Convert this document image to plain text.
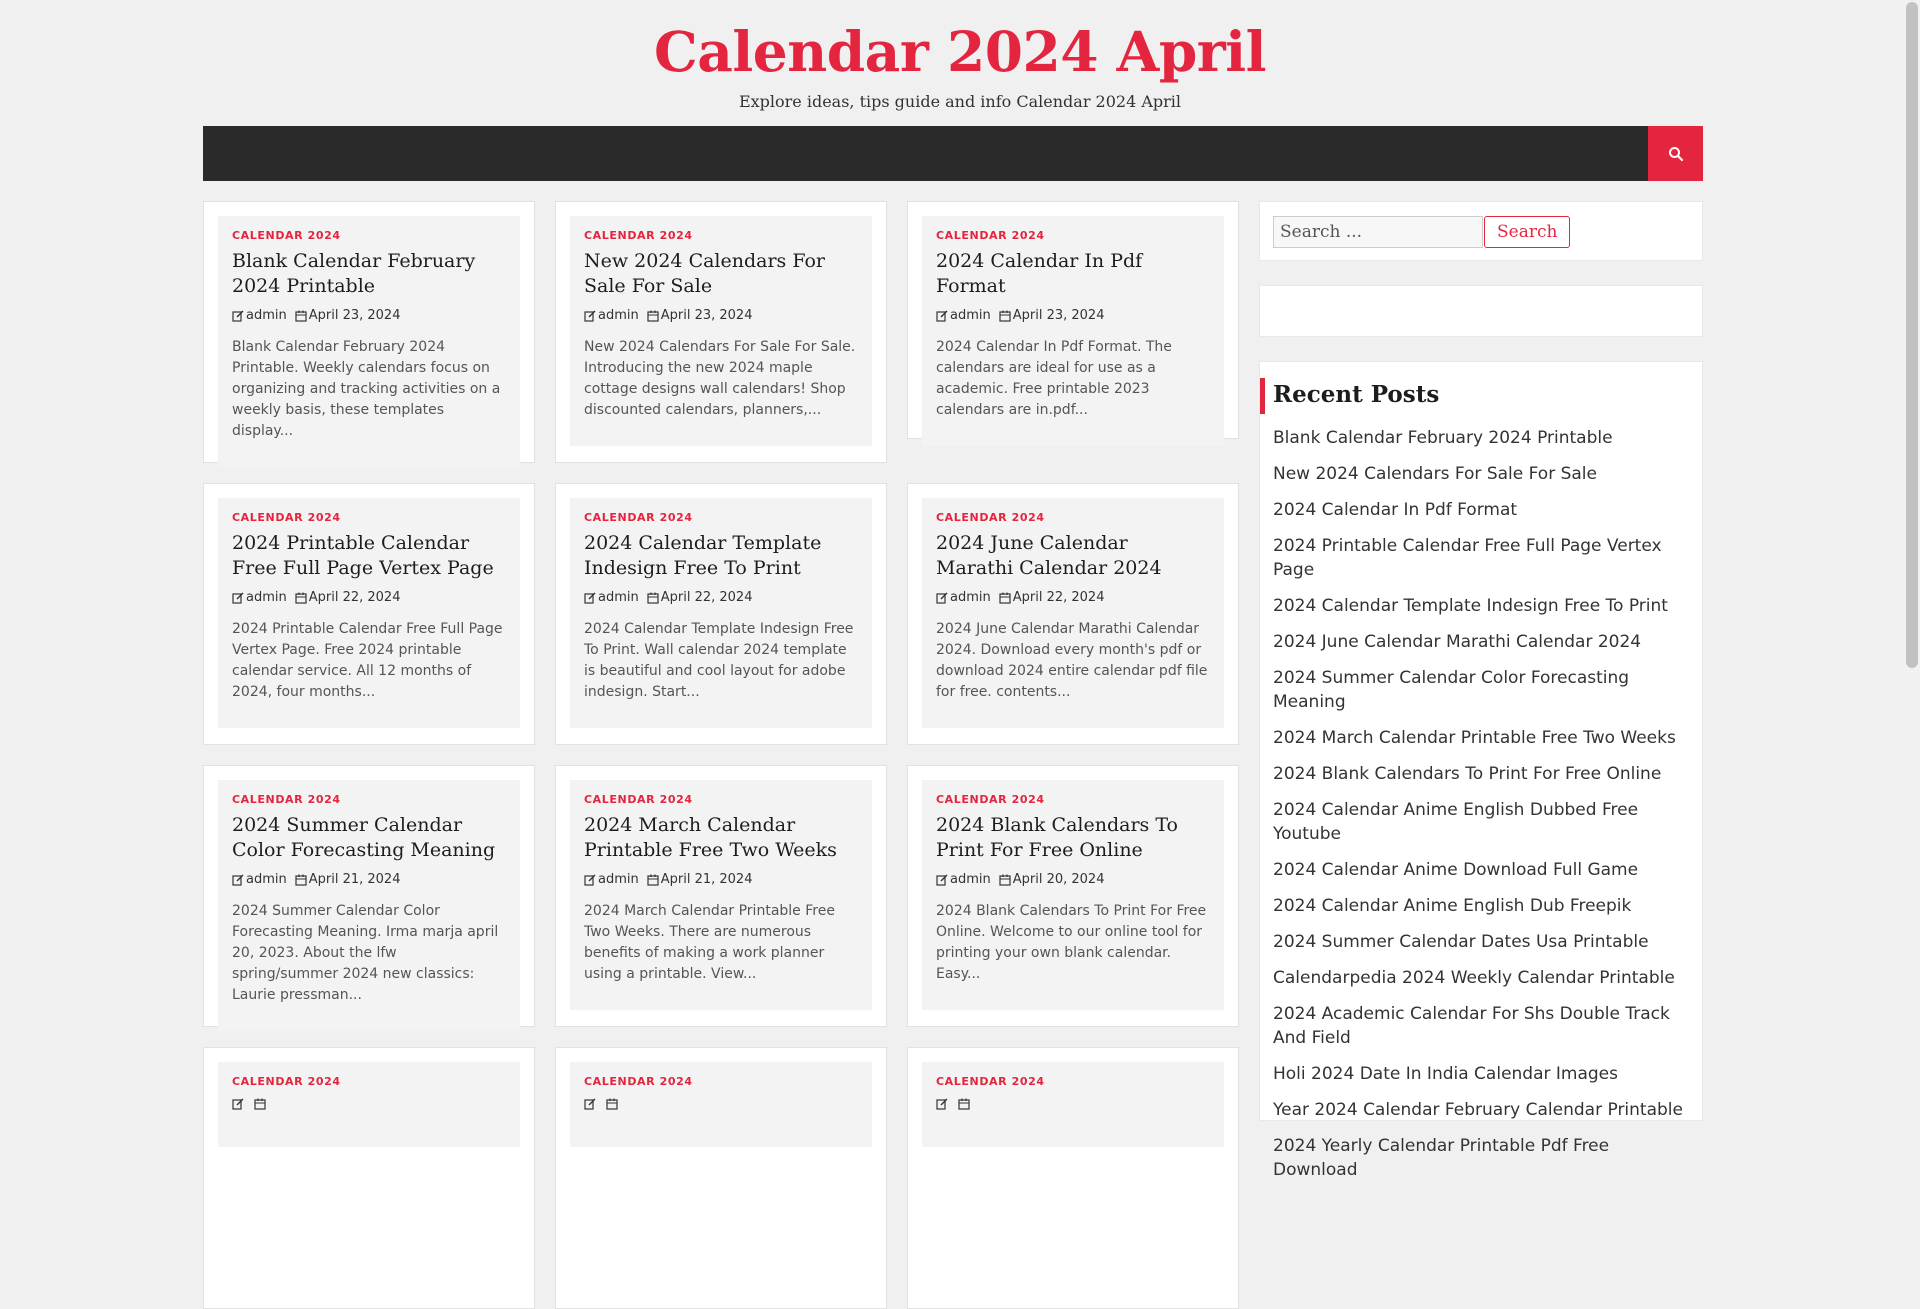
Calendar 2024 April

Explore ideas, tips guide and info Calendar 2024 April

CALENDAR 2024
Blank Calendar February 2024 Printable
admin April 23, 2024

Blank Calendar February 2024 Printable. Weekly calendars focus on organizing and tracking activities on a weekly basis, these templates display...

CALENDAR 2024
New 2024 Calendars For Sale For Sale
admin April 23, 2024

New 2024 Calendars For Sale For Sale. Introducing the new 2024 maple cottage designs wall calendars! Shop discounted calendars, planners,...

CALENDAR 2024
2024 Calendar In Pdf Format
admin April 23, 2024

2024 Calendar In Pdf Format. The calendars are ideal for use as a academic. Free printable 2023 calendars are in.pdf...

CALENDAR 2024
2024 Printable Calendar Free Full Page Vertex Page
admin April 22, 2024

2024 Printable Calendar Free Full Page Vertex Page. Free 2024 printable calendar service. All 12 months of 2024, four months...

CALENDAR 2024
2024 Calendar Template Indesign Free To Print
admin April 22, 2024

2024 Calendar Template Indesign Free To Print. Wall calendar 2024 template is beautiful and cool layout for adobe indesign. Start...

CALENDAR 2024
2024 June Calendar Marathi Calendar 2024
admin April 22, 2024

2024 June Calendar Marathi Calendar 2024. Download every month's pdf or download 2024 entire calendar pdf file for free. contents...

CALENDAR 2024
2024 Summer Calendar Color Forecasting Meaning
admin April 21, 2024

2024 Summer Calendar Color Forecasting Meaning. Irma marja april 20, 2023. About the lfw spring/summer 2024 new classics: Laurie pressman...

CALENDAR 2024
2024 March Calendar Printable Free Two Weeks
admin April 21, 2024

2024 March Calendar Printable Free Two Weeks. There are numerous benefits of making a work planner using a printable. View...

CALENDAR 2024
2024 Blank Calendars To Print For Free Online
admin April 20, 2024

2024 Blank Calendars To Print For Free Online. Welcome to our online tool for printing your own blank calendar. Easy...

CALENDAR 2024	CALENDAR 2024	CALENDAR 2024

Search ...
Search
Recent Posts
Blank Calendar February 2024 Printable
New 2024 Calendars For Sale For Sale
2024 Calendar In Pdf Format
2024 Printable Calendar Free Full Page Vertex Page
2024 Calendar Template Indesign Free To Print
2024 June Calendar Marathi Calendar 2024
2024 Summer Calendar Color Forecasting Meaning
2024 March Calendar Printable Free Two Weeks
2024 Blank Calendars To Print For Free Online
2024 Calendar Anime English Dubbed Free Youtube
2024 Calendar Anime Download Full Game
2024 Calendar Anime English Dub Freepik
2024 Summer Calendar Dates Usa Printable
Calendarpedia 2024 Weekly Calendar Printable
2024 Academic Calendar For Shs Double Track And Field
Holi 2024 Date In India Calendar Images
Year 2024 Calendar February Calendar Printable
2024 Yearly Calendar Printable Pdf Free Download
